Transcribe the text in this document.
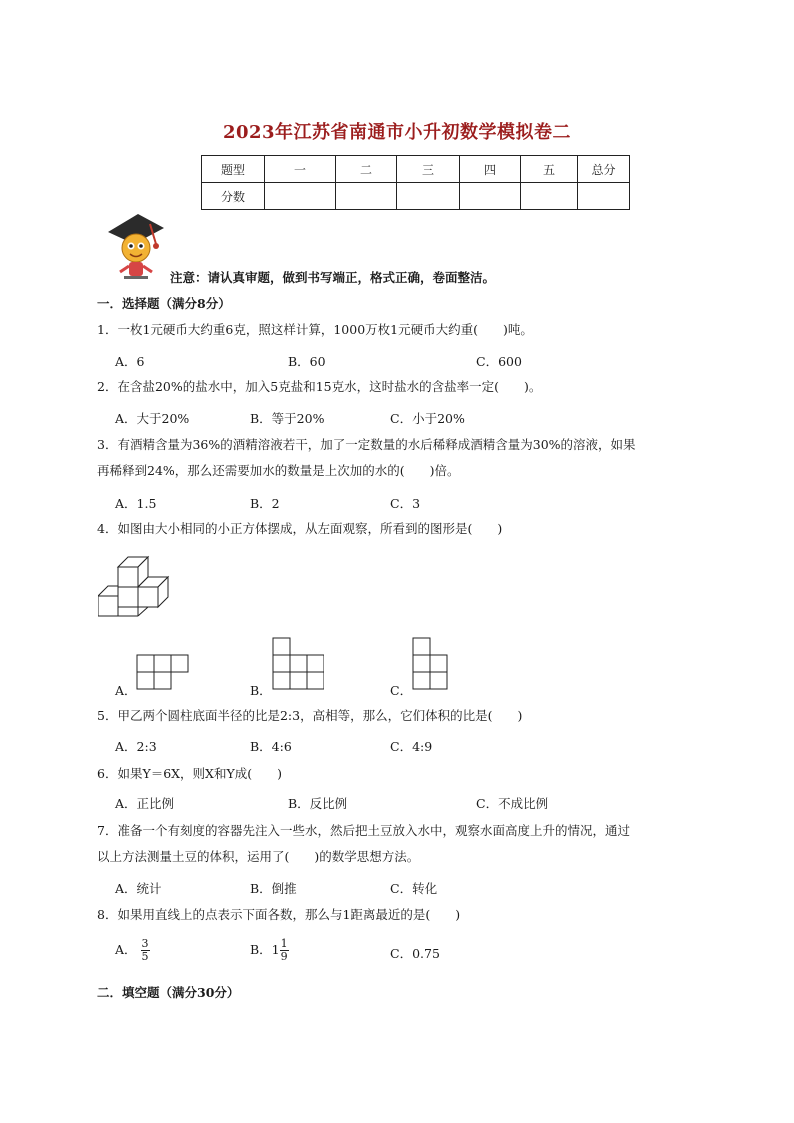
2023年江苏省南通市小升初数学模拟卷二
题型	一	二	三	四	五	总分
分数						
注意：请认真审题，做到书写端正，格式正确，卷面整洁。
一．选择题（满分8分）
1．一枚1元硬币大约重6克，照这样计算，1000万枚1元硬币大约重(　　)吨。
A．6	B．60	C．600
2．在含盐20%的盐水中，加入5克盐和15克水，这时盐水的含盐率一定(　　)。
A．大于20%	B．等于20%	C．小于20%
3．有酒精含量为36%的酒精溶液若干，加了一定数量的水后稀释成酒精含量为30%的溶液，如果
再稀释到24%，那么还需要加水的数量是上次加的水的(　　)倍。
A．1.5	B．2	C．3
4．如图由大小相同的小正方体摆成，从左面观察，所看到的图形是(　　)
A．	B．	C．
5．甲乙两个圆柱底面半径的比是2:3，高相等，那么，它们体积的比是(　　)
A．2:3	B．4:6	C．4:9
6．如果Y＝6X，则X和Y成(　　)
A．正比例	B．反比例	C．不成比例
7．准备一个有刻度的容器先注入一些水，然后把土豆放入水中，观察水面高度上升的情况，通过
以上方法测量土豆的体积，运用了(　　)的数学思想方法。
A．统计	B．倒推	C．转化
8．如果用直线上的点表示下面各数，那么与1距离最近的是(　　)
A． $\frac{3}{5}$	B．$1 \frac{1}{9}$	C．0.75
二．填空题（满分30分）
